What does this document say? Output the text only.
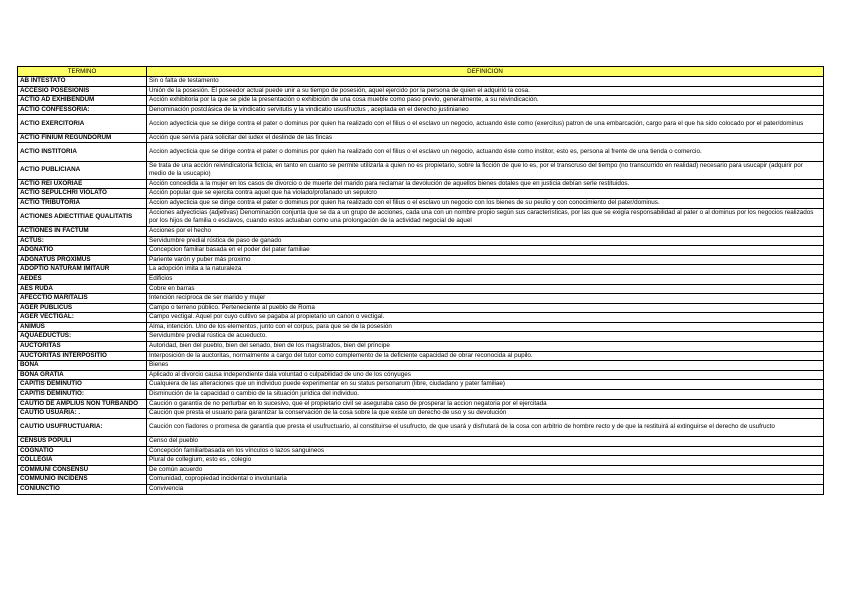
TERMINO	DEFINICION
AB INTESTATO	Sin o falta de testamento
ACCESIO POSESIONIS	Unión de la posesión. El poseedor actual puede unir a su tiempo de posesión, aquel ejercido por la persona de quien el adquirió la cosa.
ACTIO AD EXHIBENDUM	Acción exhibitoria por la que se pide la presentación o exhibición de una cosa mueble como paso previo, generalmente, a su reivindicación.
ACTIO CONFESSORIA:	Denominación postclásica de la vindicatio servitutis y la vindicatio ususfructus , aceptada en el derecho justinianeo
ACTIO EXERCITORIA	Accion adyecticia que se dirige contra el pater o dominus por quien ha realizado con el filius o el esclavo un negocio, actuando éste como (exercitus) patron de una embarcación, cargo para el que ha sido colocado por el pater/dominus
ACTIO FINIUM REGUNDORUM	Acción que servía para solicitar del iudex el deslinde de las fincas
ACTIO INSTITORIA	Accion adyecticia que se dirige contra el pater o dominus por quien ha realizado con el filius o el esclavo un negocio, actuando éste como institor, esto es, persona al frente de una tienda o comercio.
ACTIO PUBLICIANA	Se trata de una acción reivindicatoria ficticia, en tanto en cuanto se permite utilizarla a quien no es propietario, sobre la ficción de que lo es, por el transcruso del tiempo (no transcurrido en realidad) necesario para usucapir (adquirir por medio de la usucapio)
ACTIO REI UXORIAE	Acción concedida a la mujer en los casos de divorcio o de muerte del marido para reclamar la devolución de aquellos bienes dotales que en justicia debían serle restituidos.
ACTIO SEPULCHRI VIOLATO	Acción popular que se ejercita contra aquel que ha violado/profanado un sepulcro
ACTIO TRIBUTORIA	Accion adyecticia que se dirige contra el pater o dominus por quien ha realizado con el filius o el esclavo un negocio con los bienes de su peulio y con conocimiento del pater/dominus.
ACTIONES ADIECTITIAE QUALITATIS	Acciones adyecticias (adjetivas) Denominación conjunta que se da a un grupo de acciones, cada una con un nombre propio según sus características, por las que se exigía responsabilidad al pater o al dominus por los negocios realizados por los hijos de familia o esclavos, cuando estos actuaban como una prolongación de la actividad negocial de aquel
ACTIONES IN FACTUM	Acciones por el hecho
ACTUS:	Servidumbre predial rústica de paso de ganado
ADGNATIO	Concepcion familiar basada en el poder del pater familiae
ADGNATUS PROXIMUS	Pariente varón y puber más proximo
ADOPTIO NATURAM IMITAUR	La adopción imita a la naturaleza
AEDES	Edificios
AES RUDA	Cobre en barras
AFECCTIO MARITALIS	Intención recíproca de ser marido y mujer
AGER PUBLICUS	Campo o terreno público. Perteneciente al pueblo de Roma
AGER VECTIGAL:	Campo vectigal. Aquel por cuyo cultivo se pagaba al propietario un canon o vectigal.
ANIMUS	Alma, intención. Uno de los elementos, junto con el corpus, para que se de la posesión
AQUAEDUCTUS:	Servidumbre predial rústica de acueducto.
AUCTORITAS	Autoridad, bien del pueblo, bien del senado, bien de los magistrados, bien del príncipe
AUCTORITAS INTERPOSITIO	Interposición de la auctoritas, normalmente a cargo del tutor como complemento de la deficiente capacidad de obrar reconocida al pupilo.
BONA	Bienes
BONA GRATIA	Aplicado al divorcio causa independiente dala voluntad o culpabilidad de uno de los cónyuges
CAPITIS DEMINUTIO	Cualquiera de las alteraciones que un individuo puede experimentar en su status personarum (libre, ciudadano y pater familiae)
CAPITIS DEMINUTIO:	Disminución de la capacidad o cambio de la situación jurídica del individuo.
CAUTIO DE AMPLIUS NON TURBANDO	Caución o garantía de no perturbar en lo sucesivo, que el propietario civil se aseguraba caso de prosperar la accion negatoria por el ejercitada
CAUTIO USUARIA: .	Caución que presta el usuario para garantizar la conservación de la cosa sobre la que existe un derecho de uso y su devolución
CAUTIO USUFRUCTUARIA:	Caución con fiadores o promesa de garantía que presta el usufructuario, al constituirse el usufructo, de que usará y disfrutará de la cosa con arbitrio de hombre recto y de que la restituirá al extinguirse el derecho de usufructo
CENSUS POPULI	Censo del pueblo
COGNATIO	Concepción familiarbasada en los vínculos o lazos sanguineos
COLLEGIA	Plural de collegium, esto es , colegio
COMMUNI CONSENSU	De común acuerdo
COMMUNIO INCIDENS	Comunidad, copropiedad incidental o involuntaria
CONIUNCTIO	Convivencia
